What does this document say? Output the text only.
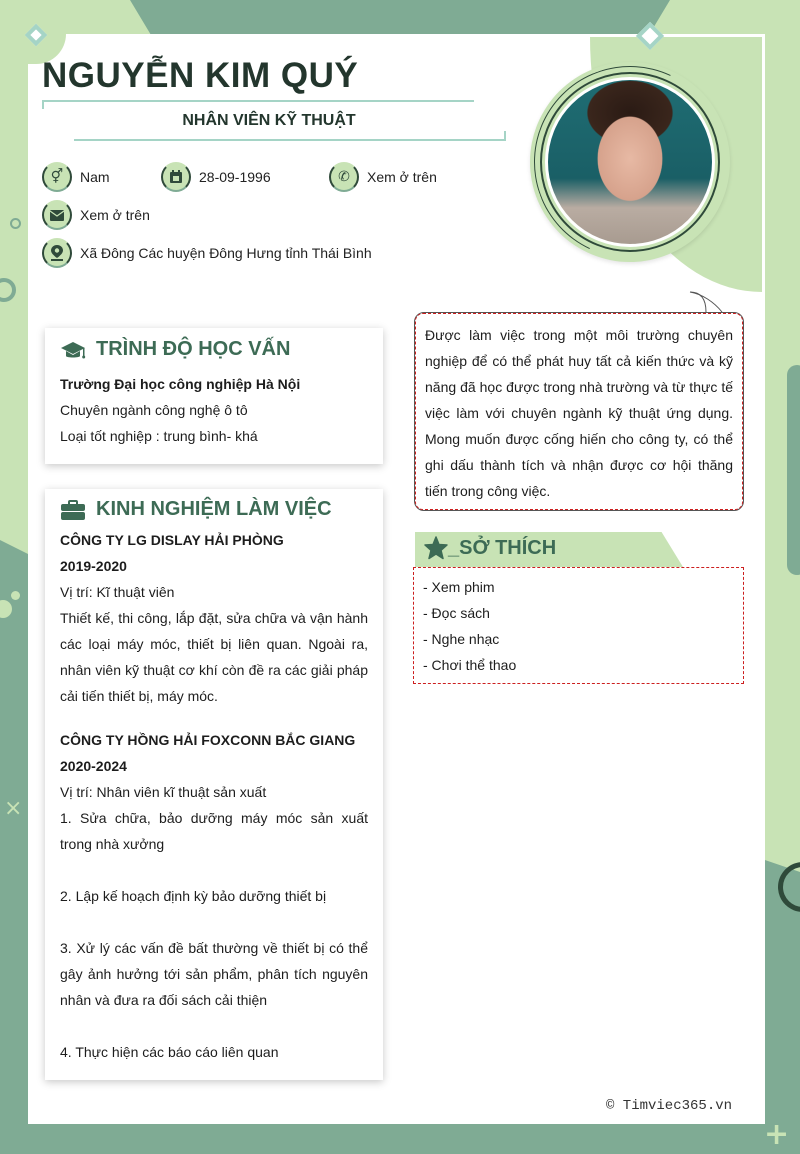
×
+
NGUYỄN KIM QUÝ
NHÂN VIÊN KỸ THUẬT
⚥	Nam	28-09-1996	✆	Xem ở trên
Xem ở trên
Xã Đông Các huyện Đông Hưng tỉnh Thái Bình
TRÌNH ĐỘ HỌC VẤN

Trường Đại học công nghiệp Hà Nội

Chuyên ngành công nghệ ô tô

Loại tốt nghiệp : trung bình- khá

KINH NGHIỆM LÀM VIỆC

CÔNG TY LG DISLAY HẢI PHÒNG

2019-2020

Vị trí: Kĩ thuật viên

Thiết kế, thi công, lắp đặt, sửa chữa và vận hành các loại máy móc, thiết bị liên quan. Ngoài ra, nhân viên kỹ thuật cơ khí còn đề ra các giải pháp cải tiến thiết bị, máy móc.

CÔNG TY HỒNG HẢI FOXCONN BẮC GIANG

2020-2024

Vị trí: Nhân viên kĩ thuật sản xuất

1. Sửa chữa, bảo dưỡng máy móc sản xuất trong nhà xưởng

2. Lập kế hoạch định kỳ bảo dưỡng thiết bị

3. Xử lý các vấn đề bất thường về thiết bị có thể gây ảnh hưởng tới sản phẩm, phân tích nguyên nhân và đưa ra đối sách cải thiện

4. Thực hiện các báo cáo liên quan

Được làm việc trong một môi trường chuyên nghiệp để có thể phát huy tất cả kiến thức và kỹ năng đã học được trong nhà trường và từ thực tế việc làm với chuyên ngành kỹ thuật ứng dụng. Mong muốn được cống hiến cho công ty, có thể ghi dấu thành tích và nhận được cơ hội thăng tiến trong công việc.
_SỞ THÍCH

- Xem phim

- Đọc sách

- Nghe nhạc

- Chơi thể thao

© Timviec365.vn
